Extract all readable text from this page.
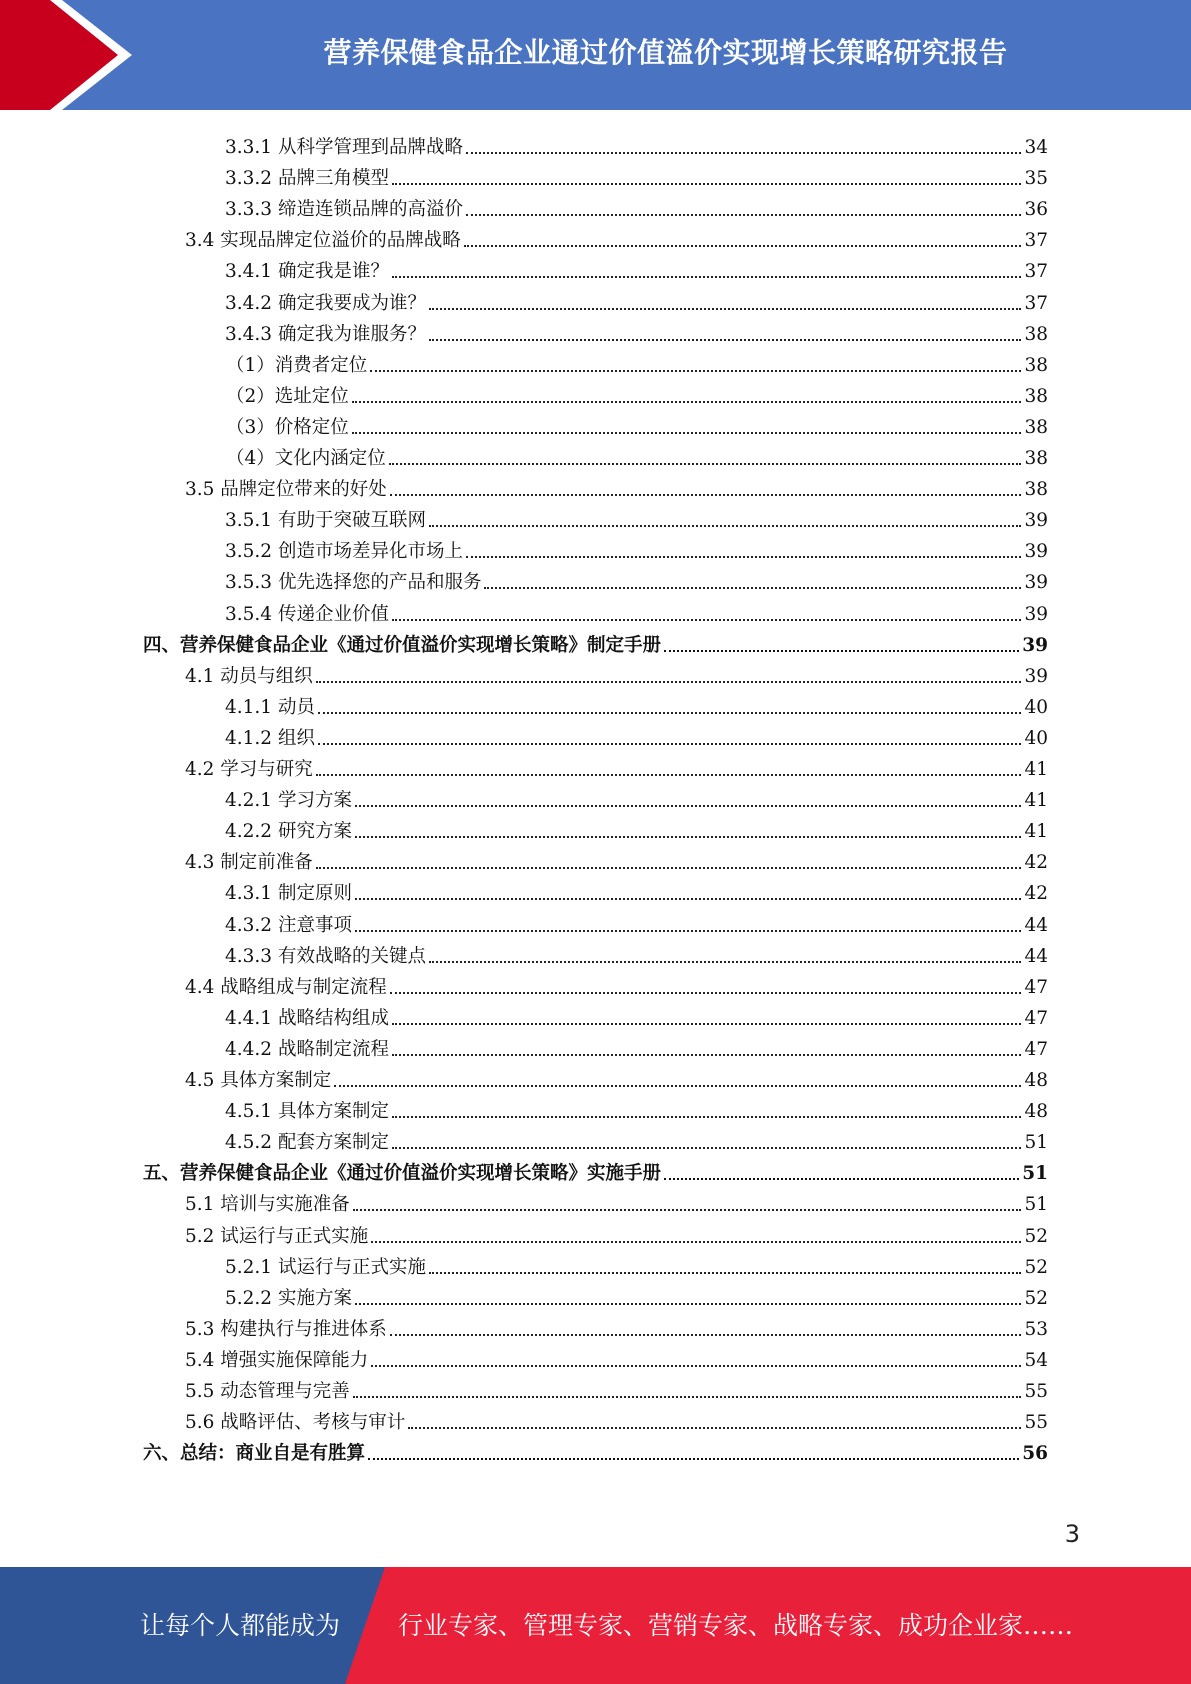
营养保健食品企业通过价值溢价实现增长策略研究报告
3.3.1 从科学管理到品牌战略	34
3.3.2 品牌三角模型	35
3.3.3 缔造连锁品牌的高溢价	36
3.4 实现品牌定位溢价的品牌战略	37
3.4.1 确定我是谁？	37
3.4.2 确定我要成为谁？	37
3.4.3 确定我为谁服务？	38
（1）消费者定位	38
（2）选址定位	38
（3）价格定位	38
（4）文化内涵定位	38
3.5 品牌定位带来的好处	38
3.5.1 有助于突破互联网	39
3.5.2 创造市场差异化市场上	39
3.5.3 优先选择您的产品和服务	39
3.5.4 传递企业价值	39
四、营养保健食品企业《通过价值溢价实现增长策略》制定手册	39
4.1 动员与组织	39
4.1.1 动员	40
4.1.2 组织	40
4.2 学习与研究	41
4.2.1 学习方案	41
4.2.2 研究方案	41
4.3 制定前准备	42
4.3.1 制定原则	42
4.3.2 注意事项	44
4.3.3 有效战略的关键点	44
4.4 战略组成与制定流程	47
4.4.1 战略结构组成	47
4.4.2 战略制定流程	47
4.5 具体方案制定	48
4.5.1 具体方案制定	48
4.5.2 配套方案制定	51
五、营养保健食品企业《通过价值溢价实现增长策略》实施手册	51
5.1 培训与实施准备	51
5.2 试运行与正式实施	52
5.2.1 试运行与正式实施	52
5.2.2 实施方案	52
5.3 构建执行与推进体系	53
5.4 增强实施保障能力	54
5.5 动态管理与完善	55
5.6 战略评估、考核与审计	55
六、总结：商业自是有胜算	56
3
让每个人都能成为 行业专家、管理专家、营销专家、战略专家、成功企业家……
